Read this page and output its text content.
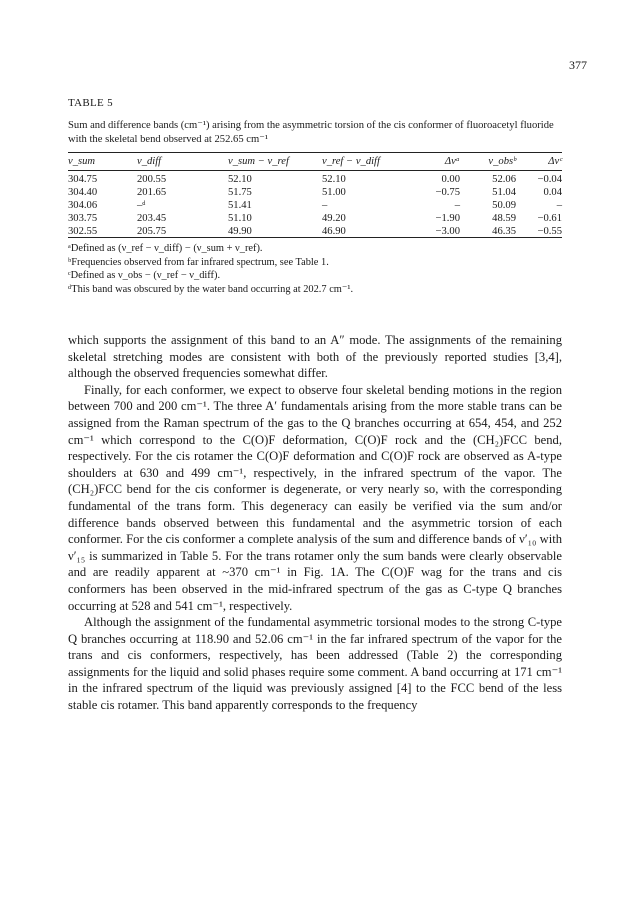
377
TABLE 5
Sum and difference bands (cm⁻¹) arising from the asymmetric torsion of the cis conformer of fluoroacetyl fluoride with the skeletal bend observed at 252.65 cm⁻¹
ν_sum	ν_diff	ν_sum − ν_ref	ν_ref − ν_diff	Δνᵃ	ν_obsᵇ	Δνᶜ
304.75	200.55	52.10	52.10	0.00	52.06	−0.04
304.40	201.65	51.75	51.00	−0.75	51.04	0.04
304.06	–ᵈ	51.41	–	–	50.09	–
303.75	203.45	51.10	49.20	−1.90	48.59	−0.61
302.55	205.75	49.90	46.90	−3.00	46.35	−0.55
ᵃDefined as (ν_ref − ν_diff) − (ν_sum + ν_ref).
ᵇFrequencies observed from far infrared spectrum, see Table 1.
ᶜDefined as ν_obs − (ν_ref − ν_diff).
ᵈThis band was obscured by the water band occurring at 202.7 cm⁻¹.

which supports the assignment of this band to an A″ mode. The assignments of the remaining skeletal stretching modes are consistent with both of the previously reported studies [3,4], although the observed frequencies somewhat differ.

Finally, for each conformer, we expect to observe four skeletal bending motions in the region between 700 and 200 cm⁻¹. The three A′ fundamentals arising from the more stable trans can be assigned from the Raman spectrum of the gas to the Q branches occurring at 654, 454, and 252 cm⁻¹ which correspond to the C(O)F deformation, C(O)F rock and the (CH₂)FCC bend, respectively. For the cis rotamer the C(O)F deformation and C(O)F rock are observed as A-type shoulders at 630 and 499 cm⁻¹, respectively, in the infrared spectrum of the vapor. The (CH₂)FCC bend for the cis conformer is degenerate, or very nearly so, with the corresponding fundamental of the trans form. This degeneracy can easily be verified via the sum and/or difference bands observed between this fundamental and the asymmetric torsion of each conformer. For the cis conformer a complete analysis of the sum and difference bands of ν′₁₀ with ν′₁₅ is summarized in Table 5. For the trans rotamer only the sum bands were clearly observable and are readily apparent at ~370 cm⁻¹ in Fig. 1A. The C(O)F wag for the trans and cis conformers has been observed in the mid-infrared spectrum of the gas as C-type Q branches occurring at 528 and 541 cm⁻¹, respectively.

Although the assignment of the fundamental asymmetric torsional modes to the strong C-type Q branches occurring at 118.90 and 52.06 cm⁻¹ in the far infrared spectrum of the vapor for the trans and cis conformers, respectively, has been addressed (Table 2) the corresponding assignments for the liquid and solid phases require some comment. A band occurring at 171 cm⁻¹ in the infrared spectrum of the liquid was previously assigned [4] to the FCC bend of the less stable cis rotamer. This band apparently corresponds to the frequency
